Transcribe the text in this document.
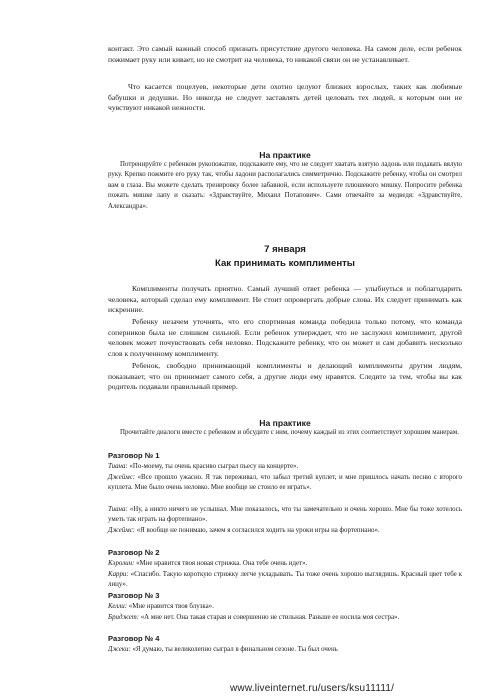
контакт. Это самый важный способ признать присутствие другого человека. На самом деле, если ребенок пожимает руку или кивает, но не смотрит на человека, то никакой связи он не устанавливает.

Что касается поцелуев, некоторые дети охотно целуют близких взрослых, таких как любимые бабушки и дедушки. Но никогда не следует заставлять детей целовать тех людей, к которым они не чувствуют никакой нежности.

На практике

Потренируйте с ребенком рукопожатие, подскажите ему, что не следует хватать взятую ладонь или подавать вялую руку. Крепко пожмите его руку так, чтобы ладони располагались симметрично. Подскажите ребенку, чтобы он смотрел вам в глаза. Вы можете сделать тренировку более забавной, если используете плюшевого мишку. Попросите ребенка пожать мишке лапу и сказать: «Здравствуйте, Михаил Потапович». Сами отвечайте за медведя: «Здравствуйте, Александра».

7 января

Как принимать комплименты

Комплименты получать приятно. Самый лучший ответ ребенка — улыбнуться и поблагодарить человека, который сделал ему комплимент. Не стоит опровергать добрые слова. Их следует принимать как искренние.

Ребенку незачем уточнять, что его спортивная команда победила только потому, что команда соперников была не слишком сильной. Если ребенок утверждает, что не заслужил комплимент, другой человек может почувствовать себя неловко. Подскажите ребенку, что он может и сам добавить несколько слов к полученному комплименту.

Ребенок, свободно принимающий комплименты и делающий комплименты другим людям, показывает, что он принимает самого себя, а другие люди ему нравятся. Следите за тем, чтобы вы как родитель подавали правильный пример.

На практике

Прочитайте диалоги вместе с ребенком и обсудите с ним, почему каждый из этих соответствует хорошим манерам.

Разговор № 1

Тиана: «По-моему, ты очень красиво сыграл пьесу на концерте».

Джеймс: «Все прошло ужасно. Я так переживал, что забыл третий куплет, и мне пришлось начать песню с второго куплета. Мне было очень неловко. Мне вообще не стоило ее играть».

Тиана: «Ну, а никто ничего не услышал. Мне показалось, что ты замечательно и очень хорошо. Мне бы тоже хотелось уметь так играть на фортепиано».

Джеймс: «Я вообще не понимаю, зачем я согласился ходить на уроки игры на фортепиано».

Разговор № 2

Кэролин: «Мне нравится твоя новая стрижка. Она тебе очень идет».

Карри: «Спасибо. Такую короткую стрижку легче укладывать. Ты тоже очень хорошо выглядишь. Красный цвет тебе к лицу».

Разговор № 3

Келли: «Мне нравится твоя блузка».

Бриджет: «А мне нет. Она такая старая и совершенно не стильная. Раньше ее носила моя сестра».

Разговор № 4

Джеки: «Я думаю, ты великолепно сыграл в финальном сезоне. Ты был очень

www.liveinternet.ru/users/ksu11111/
